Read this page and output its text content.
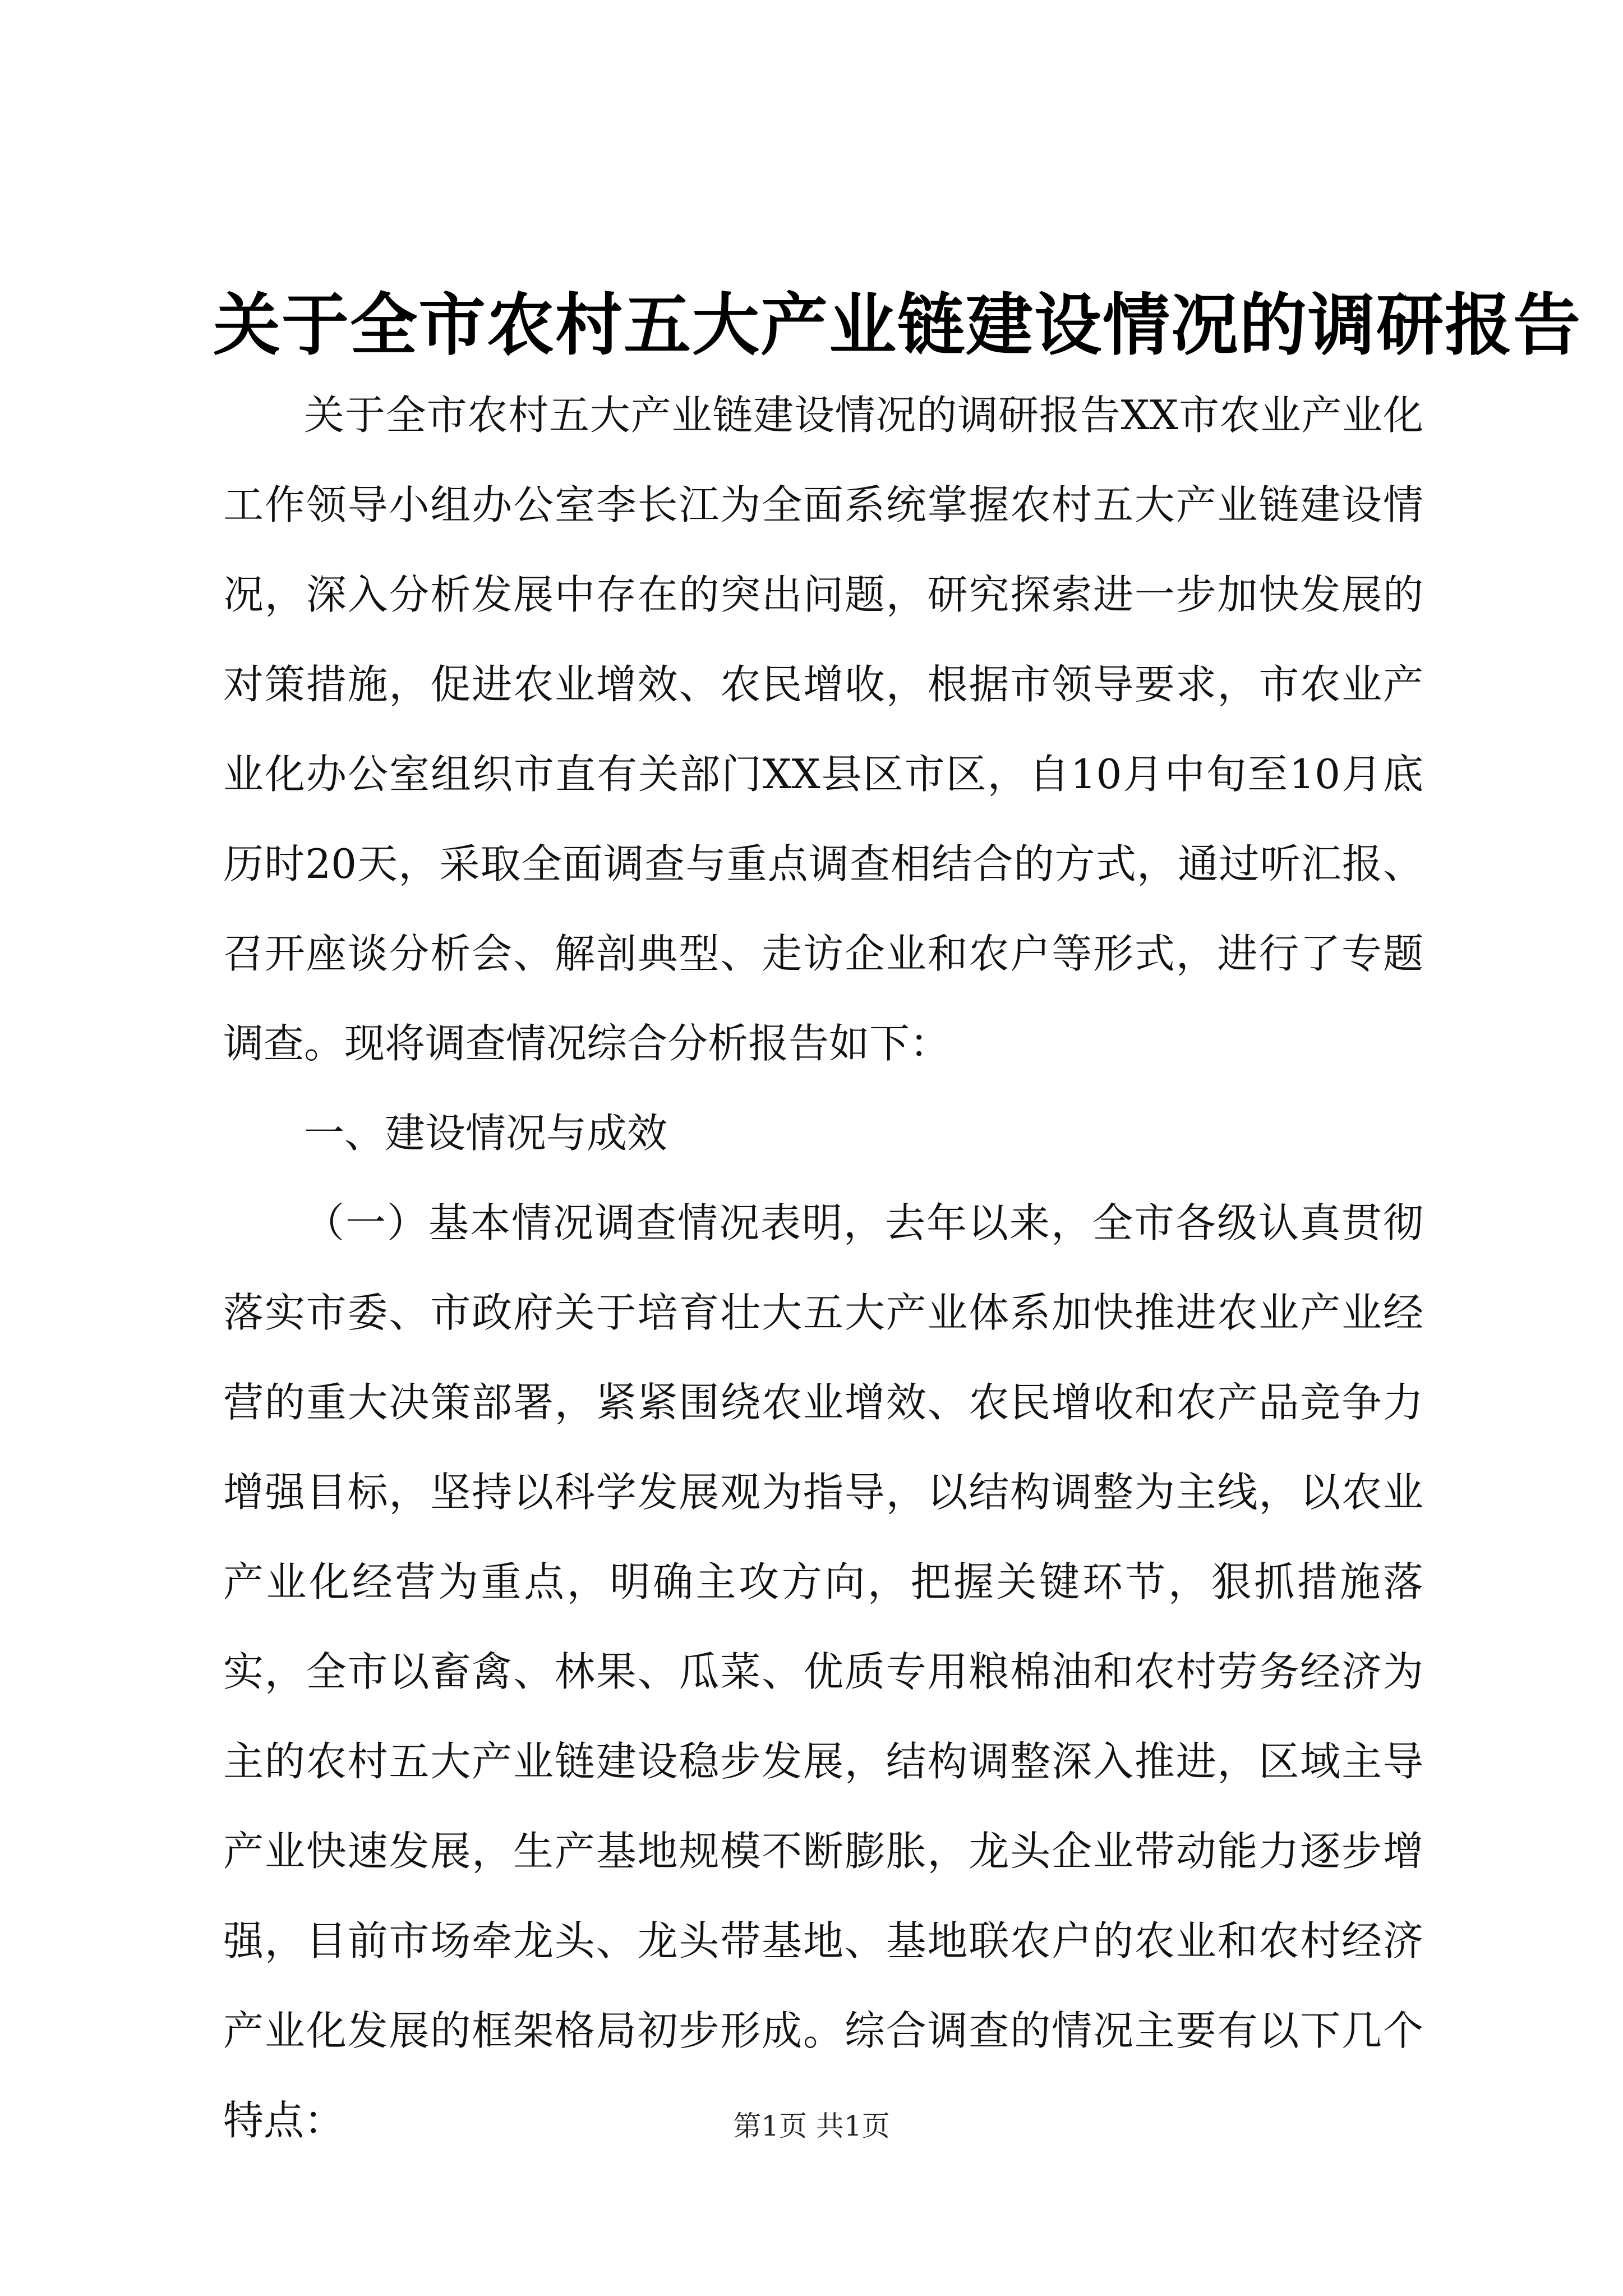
关于全市农村五大产业链建设情况的调研报告

关于全市农村五大产业链建设情况的调研报告XX市农业产业化工作领导小组办公室李长江为全面系统掌握农村五大产业链建设情况，深入分析发展中存在的突出问题，研究探索进一步加快发展的对策措施，促进农业增效、农民增收，根据市领导要求，市农业产业化办公室组织市直有关部门XX县区市区，自10月中旬至10月底历时20天，采取全面调查与重点调查相结合的方式，通过听汇报、召开座谈分析会、解剖典型、走访企业和农户等形式，进行了专题调查。现将调查情况综合分析报告如下：

一、建设情况与成效

（一）基本情况调查情况表明，去年以来，全市各级认真贯彻落实市委、市政府关于培育壮大五大产业体系加快推进农业产业经营的重大决策部署，紧紧围绕农业增效、农民增收和农产品竞争力增强目标，坚持以科学发展观为指导，以结构调整为主线，以农业产业化经营为重点，明确主攻方向，把握关键环节，狠抓措施落实，全市以畜禽、林果、瓜菜、优质专用粮棉油和农村劳务经济为主的农村五大产业链建设稳步发展，结构调整深入推进，区域主导产业快速发展，生产基地规模不断膨胀，龙头企业带动能力逐步增强，目前市场牵龙头、龙头带基地、基地联农户的农业和农村经济产业化发展的框架格局初步形成。综合调查的情况主要有以下几个特点：	第1页 共1页
